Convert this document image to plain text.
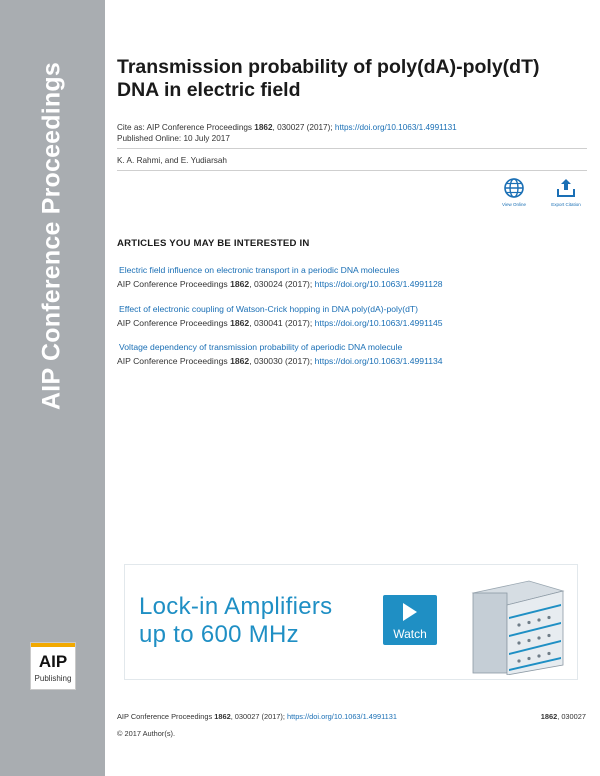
AIP Conference Proceedings
AIP
Publishing
Transmission probability of poly(dA)-poly(dT)
DNA in electric field
Cite as: AIP Conference Proceedings 1862, 030027 (2017); https://doi.org/10.1063/1.4991131
Published Online: 10 July 2017
K. A. Rahmi, and E. Yudiarsah
View Online	Export Citation
ARTICLES YOU MAY BE INTERESTED IN
Electric field influence on electronic transport in a periodic DNA molecules
AIP Conference Proceedings 1862, 030024 (2017); https://doi.org/10.1063/1.4991128
Effect of electronic coupling of Watson-Crick hopping in DNA poly(dA)-poly(dT)
AIP Conference Proceedings 1862, 030041 (2017); https://doi.org/10.1063/1.4991145
Voltage dependency of transmission probability of aperiodic DNA molecule
AIP Conference Proceedings 1862, 030030 (2017); https://doi.org/10.1063/1.4991134
Lock-in Amplifiers
up to 600 MHz	Watch
AIP Conference Proceedings 1862, 030027 (2017); https://doi.org/10.1063/1.4991131	1862, 030027
© 2017 Author(s).
